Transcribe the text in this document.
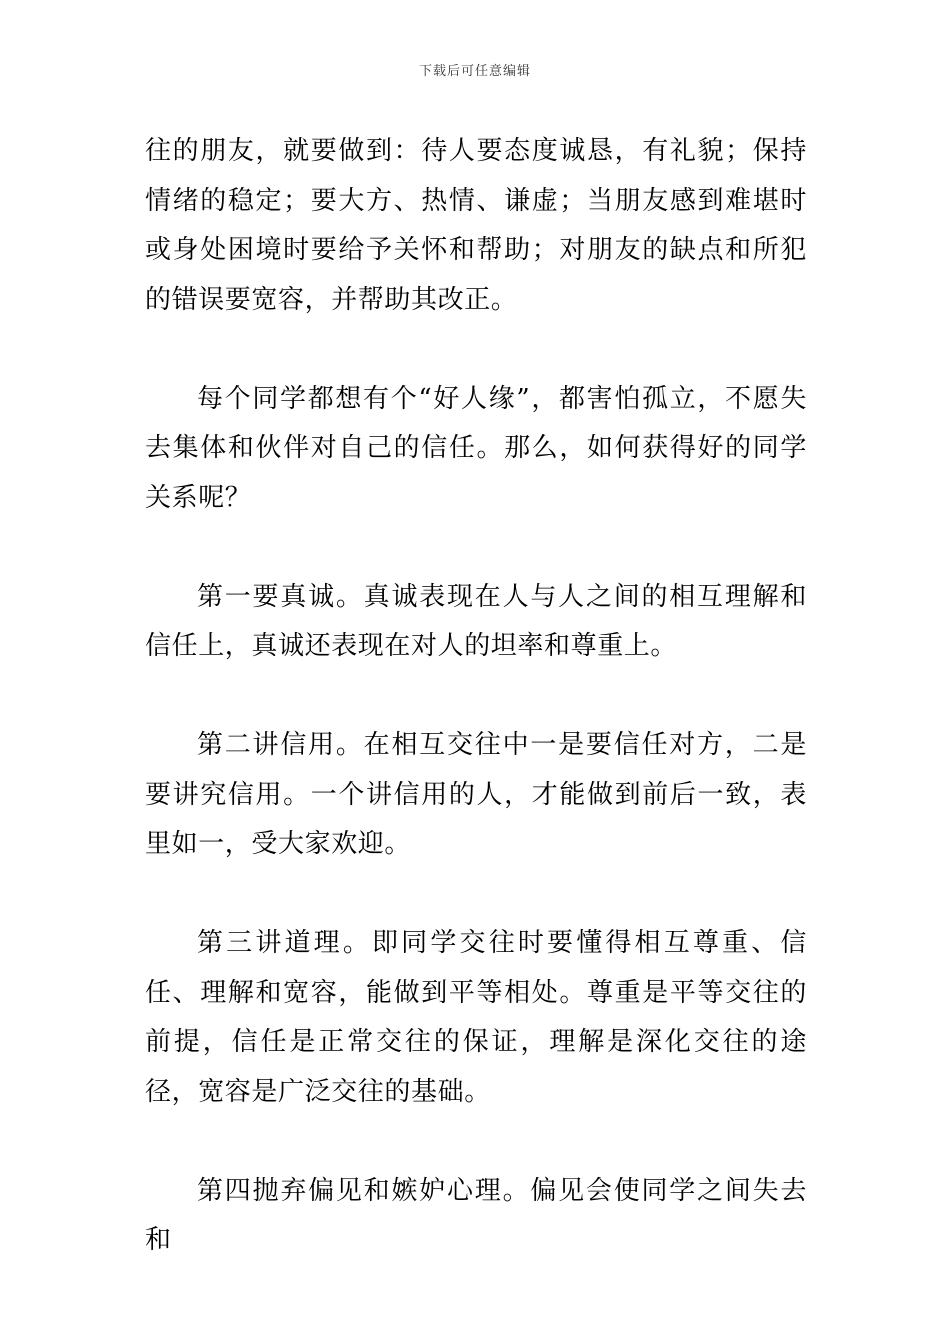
下载后可任意编辑

往的朋友，就要做到：待人要态度诚恳，有礼貌；保持情绪的稳定；要大方、热情、谦虚；当朋友感到难堪时或身处困境时要给予关怀和帮助；对朋友的缺点和所犯的错误要宽容，并帮助其改正。

每个同学都想有个“好人缘”，都害怕孤立，不愿失去集体和伙伴对自己的信任。那么，如何获得好的同学关系呢？

第一要真诚。真诚表现在人与人之间的相互理解和信任上，真诚还表现在对人的坦率和尊重上。

第二讲信用。在相互交往中一是要信任对方，二是要讲究信用。一个讲信用的人，才能做到前后一致，表里如一，受大家欢迎。

第三讲道理。即同学交往时要懂得相互尊重、信任、理解和宽容，能做到平等相处。尊重是平等交往的前提，信任是正常交往的保证，理解是深化交往的途径，宽容是广泛交往的基础。

第四抛弃偏见和嫉妒心理。偏见会使同学之间失去和
